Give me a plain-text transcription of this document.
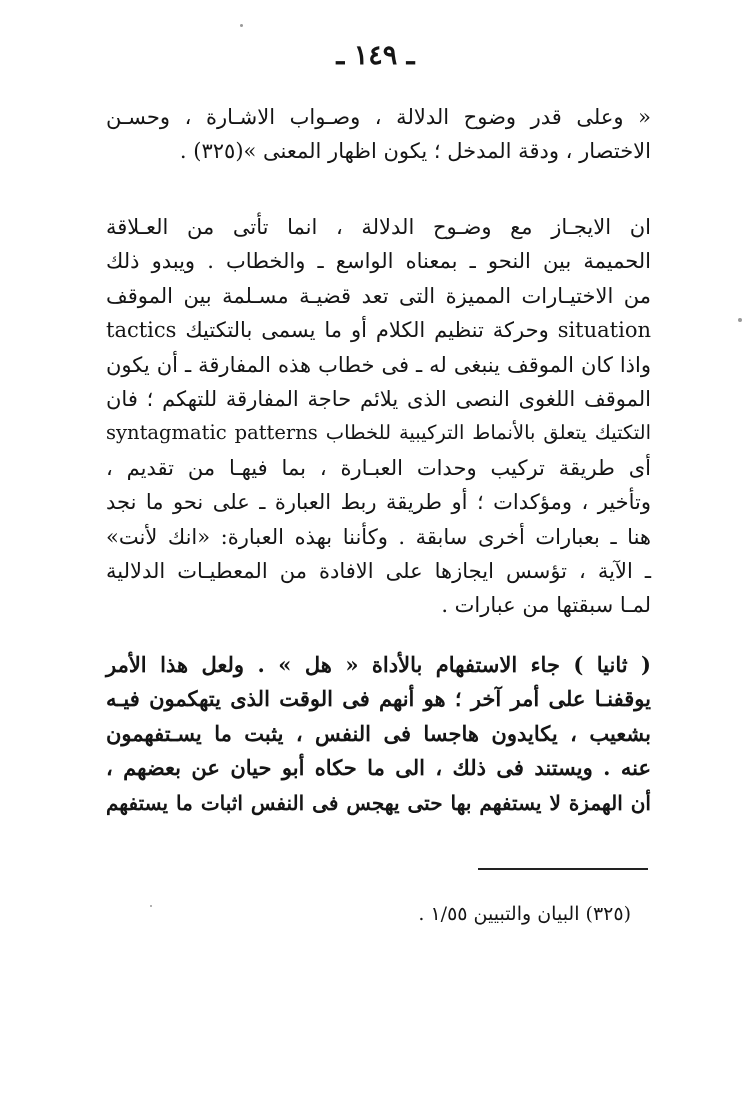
ـ ١٤٩ ـ
« وعلى قدر وضوح الدلالة ، وصـواب الاشـارة ، وحسـن
الاختصار ، ودقة المدخل ؛ يكون اظهار المعنى »(٣٢٥) .
ان الايجـاز مع وضـوح الدلالة ، انما تأتى من العـلاقة
الحميمة بين النحو ـ بمعناه الواسع ـ والخطاب . ويبدو ذلك
من الاختيـارات المميزة التى تعد قضيـة مسـلمة بين الموقف
situation وحركة تنظيم الكلام أو ما يسمى بالتكتيك tactics
واذا كان الموقف ينبغى له ـ فى خطاب هذه المفارقة ـ أن يكون
الموقف اللغوى النصى الذى يلائم حاجة المفارقة للتهكم ؛ فان
التكتيك يتعلق بالأنماط التركيبية للخطاب syntagmatic patterns
أى طريقة تركيب وحدات العبـارة ، بما فيهـا من تقديم ،
وتأخير ، ومؤكدات ؛ أو طريقة ربط العبارة ـ على نحو ما نجد
هنا ـ بعبارات أخرى سابقة . وكأننا بهذه العبارة: «انك لأنت»
ـ الآية ، تؤسس ايجازها على الافادة من المعطيـات الدلالية
لمـا سبقتها من عبارات .
( ثانيا ) جاء الاستفهام بالأداة « هل » . ولعل هذا الأمر
يوقفنـا على أمر آخر ؛ هو أنهم فى الوقت الذى يتهكمون فيـه
بشعيب ، يكايدون هاجسا فى النفس ، يثبت ما يسـتفهمون
عنه . ويستند فى ذلك ، الى ما حكاه أبو حيان عن بعضهم ،
أن الهمزة لا يستفهم بها حتى يهجس فى النفس اثبات ما يستفهم
(٣٢٥) البيان والتبيين ١/٥٥ .
